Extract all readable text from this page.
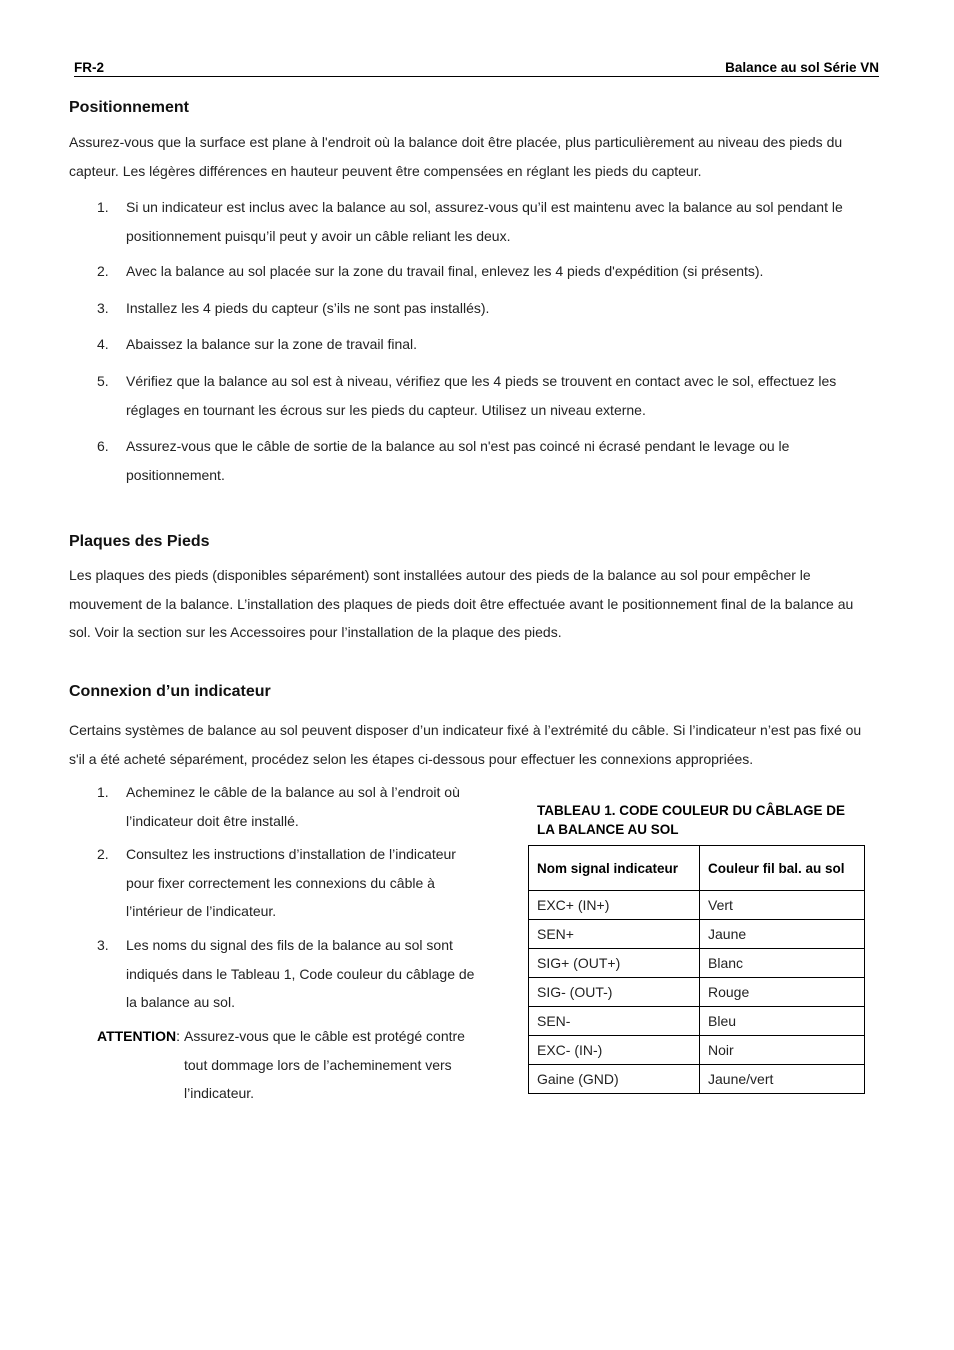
FR-2	Balance au sol Série VN
Positionnement
Assurez-vous que la surface est plane à l'endroit où la balance doit être placée, plus particulièrement au niveau des pieds du
capteur. Les légères différences en hauteur peuvent être compensées en réglant les pieds du capteur.
1.	Si un indicateur est inclus avec la balance au sol, assurez-vous qu’il est maintenu avec la balance au sol pendant le
positionnement puisqu’il peut y avoir un câble reliant les deux.
2.	Avec la balance au sol placée sur la zone du travail final, enlevez les 4 pieds d'expédition (si présents).
3.	Installez les 4 pieds du capteur (s’ils ne sont pas installés).
4.	Abaissez la balance sur la zone de travail final.
5.	Vérifiez que la balance au sol est à niveau, vérifiez que les 4 pieds se trouvent en contact avec le sol, effectuez les
réglages en tournant les écrous sur les pieds du capteur. Utilisez un niveau externe.
6.	Assurez-vous que le câble de sortie de la balance au sol n'est pas coincé ni écrasé pendant le levage ou le
positionnement.
Plaques des Pieds
Les plaques des pieds (disponibles séparément) sont installées autour des pieds de la balance au sol pour empêcher le
mouvement de la balance. L’installation des plaques de pieds doit être effectuée avant le positionnement final de la balance au
sol. Voir la section sur les Accessoires pour l’installation de la plaque des pieds.
Connexion d’un indicateur
Certains systèmes de balance au sol peuvent disposer d’un indicateur fixé à l’extrémité du câble. Si l’indicateur n’est pas fixé ou
s'il a été acheté séparément, procédez selon les étapes ci-dessous pour effectuer les connexions appropriées.
1.	Acheminez le câble de la balance au sol à l’endroit où
l’indicateur doit être installé.
2.	Consultez les instructions d’installation de l’indicateur
pour fixer correctement les connexions du câble à
l’intérieur de l’indicateur.
3.	Les noms du signal des fils de la balance au sol sont
indiqués dans le Tableau 1, Code couleur du câblage de
la balance au sol.
ATTENTION: Assurez-vous que le câble est protégé contre
tout dommage lors de l’acheminement vers
l’indicateur.
TABLEAU 1. CODE COULEUR DU CÂBLAGE DE
LA BALANCE AU SOL
Nom signal indicateur	Couleur fil bal. au sol
EXC+ (IN+)	Vert
SEN+	Jaune
SIG+ (OUT+)	Blanc
SIG- (OUT-)	Rouge
SEN-	Bleu
EXC- (IN-)	Noir
Gaine (GND)	Jaune/vert
